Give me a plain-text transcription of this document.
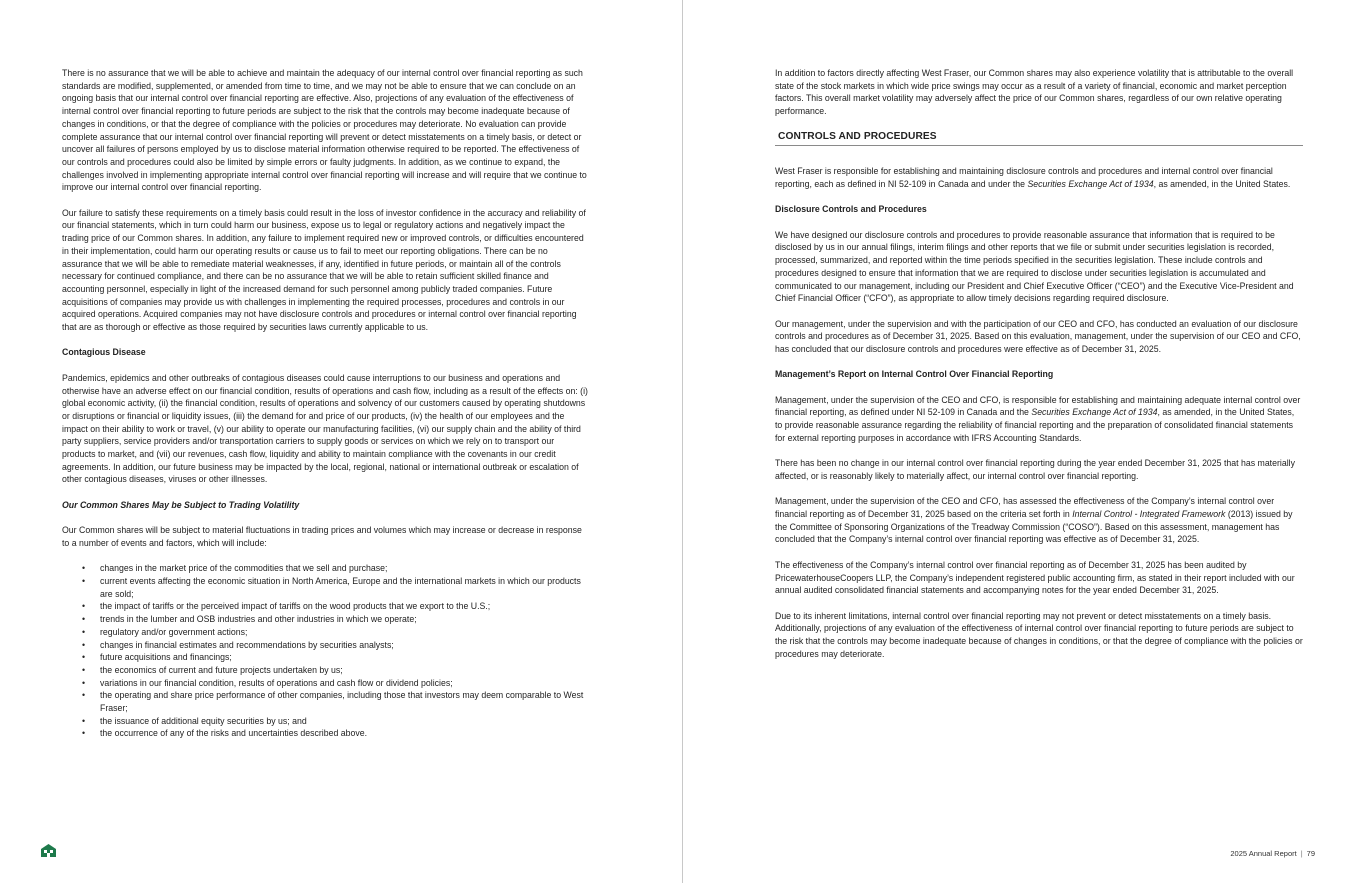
There is no assurance that we will be able to achieve and maintain the adequacy of our internal control over financial reporting as such standards are modified, supplemented, or amended from time to time, and we may not be able to ensure that we can conclude on an ongoing basis that our internal control over financial reporting are effective. Also, projections of any evaluation of the effectiveness of internal control over financial reporting to future periods are subject to the risk that the controls may become inadequate because of changes in conditions, or that the degree of compliance with the policies or procedures may deteriorate. No evaluation can provide complete assurance that our internal control over financial reporting will prevent or detect misstatements on a timely basis, or detect or uncover all failures of persons employed by us to disclose material information otherwise required to be reported. The effectiveness of our controls and procedures could also be limited by simple errors or faulty judgments. In addition, as we continue to expand, the challenges involved in implementing appropriate internal control over financial reporting will increase and will require that we continue to improve our internal control over financial reporting.

Our failure to satisfy these requirements on a timely basis could result in the loss of investor confidence in the accuracy and reliability of our financial statements, which in turn could harm our business, expose us to legal or regulatory actions and negatively impact the trading price of our Common shares. In addition, any failure to implement required new or improved controls, or difficulties encountered in their implementation, could harm our operating results or cause us to fail to meet our reporting obligations. There can be no assurance that we will be able to remediate material weaknesses, if any, identified in future periods, or maintain all of the controls necessary for continued compliance, and there can be no assurance that we will be able to retain sufficient skilled finance and accounting personnel, especially in light of the increased demand for such personnel among publicly traded companies. Future acquisitions of companies may provide us with challenges in implementing the required processes, procedures and controls in our acquired operations. Acquired companies may not have disclosure controls and procedures or internal control over financial reporting that are as thorough or effective as those required by securities laws currently applicable to us.

Contagious Disease

Pandemics, epidemics and other outbreaks of contagious diseases could cause interruptions to our business and operations and otherwise have an adverse effect on our financial condition, results of operations and cash flow, including as a result of the effects on: (i) global economic activity, (ii) the financial condition, results of operations and solvency of our customers caused by operating shutdowns or disruptions or financial or liquidity issues, (iii) the demand for and price of our products, (iv) the health of our employees and the impact on their ability to work or travel, (v) our ability to operate our manufacturing facilities, (vi) our supply chain and the ability of third party suppliers, service providers and/or transportation carriers to supply goods or services on which we rely on to transport our products to market, and (vii) our revenues, cash flow, liquidity and ability to maintain compliance with the covenants in our credit agreements. In addition, our future business may be impacted by the local, regional, national or international outbreak or escalation of other contagious diseases, viruses or other illnesses.

Our Common Shares May be Subject to Trading Volatility

Our Common shares will be subject to material fluctuations in trading prices and volumes which may increase or decrease in response to a number of events and factors, which will include:

• changes in the market price of the commodities that we sell and purchase;
• current events affecting the economic situation in North America, Europe and the international markets in which our products are sold;
• the impact of tariffs or the perceived impact of tariffs on the wood products that we export to the U.S.;
• trends in the lumber and OSB industries and other industries in which we operate;
• regulatory and/or government actions;
• changes in financial estimates and recommendations by securities analysts;
• future acquisitions and financings;
• the economics of current and future projects undertaken by us;
• variations in our financial condition, results of operations and cash flow or dividend policies;
• the operating and share price performance of other companies, including those that investors may deem comparable to West Fraser;
• the issuance of additional equity securities by us; and
• the occurrence of any of the risks and uncertainties described above.

In addition to factors directly affecting West Fraser, our Common shares may also experience volatility that is attributable to the overall state of the stock markets in which wide price swings may occur as a result of a variety of financial, economic and market perception factors. This overall market volatility may adversely affect the price of our Common shares, regardless of our own relative operating performance.

CONTROLS AND PROCEDURES

West Fraser is responsible for establishing and maintaining disclosure controls and procedures and internal control over financial reporting, each as defined in NI 52-109 in Canada and under the Securities Exchange Act of 1934, as amended, in the United States.

Disclosure Controls and Procedures

We have designed our disclosure controls and procedures to provide reasonable assurance that information that is required to be disclosed by us in our annual filings, interim filings and other reports that we file or submit under securities legislation is recorded, processed, summarized, and reported within the time periods specified in the securities legislation. These include controls and procedures designed to ensure that information that we are required to disclose under securities legislation is accumulated and communicated to our management, including our President and Chief Executive Officer (“CEO”) and the Executive Vice-President and Chief Financial Officer (“CFO”), as appropriate to allow timely decisions regarding required disclosure.

Our management, under the supervision and with the participation of our CEO and CFO, has conducted an evaluation of our disclosure controls and procedures as of December 31, 2025. Based on this evaluation, management, under the supervision of our CEO and CFO, has concluded that our disclosure controls and procedures were effective as of December 31, 2025.

Management’s Report on Internal Control Over Financial Reporting

Management, under the supervision of the CEO and CFO, is responsible for establishing and maintaining adequate internal control over financial reporting, as defined under NI 52-109 in Canada and the Securities Exchange Act of 1934, as amended, in the United States, to provide reasonable assurance regarding the reliability of financial reporting and the preparation of consolidated financial statements for external reporting purposes in accordance with IFRS Accounting Standards.

There has been no change in our internal control over financial reporting during the year ended December 31, 2025 that has materially affected, or is reasonably likely to materially affect, our internal control over financial reporting.

Management, under the supervision of the CEO and CFO, has assessed the effectiveness of the Company’s internal control over financial reporting as of December 31, 2025 based on the criteria set forth in Internal Control - Integrated Framework (2013) issued by the Committee of Sponsoring Organizations of the Treadway Commission (“COSO”). Based on this assessment, management has concluded that the Company’s internal control over financial reporting was effective as of December 31, 2025.

The effectiveness of the Company’s internal control over financial reporting as of December 31, 2025 has been audited by PricewaterhouseCoopers LLP, the Company’s independent registered public accounting firm, as stated in their report included with our annual audited consolidated financial statements and accompanying notes for the year ended December 31, 2025.

Due to its inherent limitations, internal control over financial reporting may not prevent or detect misstatements on a timely basis. Additionally, projections of any evaluation of the effectiveness of internal control over financial reporting to future periods are subject to the risk that the controls may become inadequate because of changes in conditions, or that the degree of compliance with the policies or procedures may deteriorate.

2025 Annual Report | 79
